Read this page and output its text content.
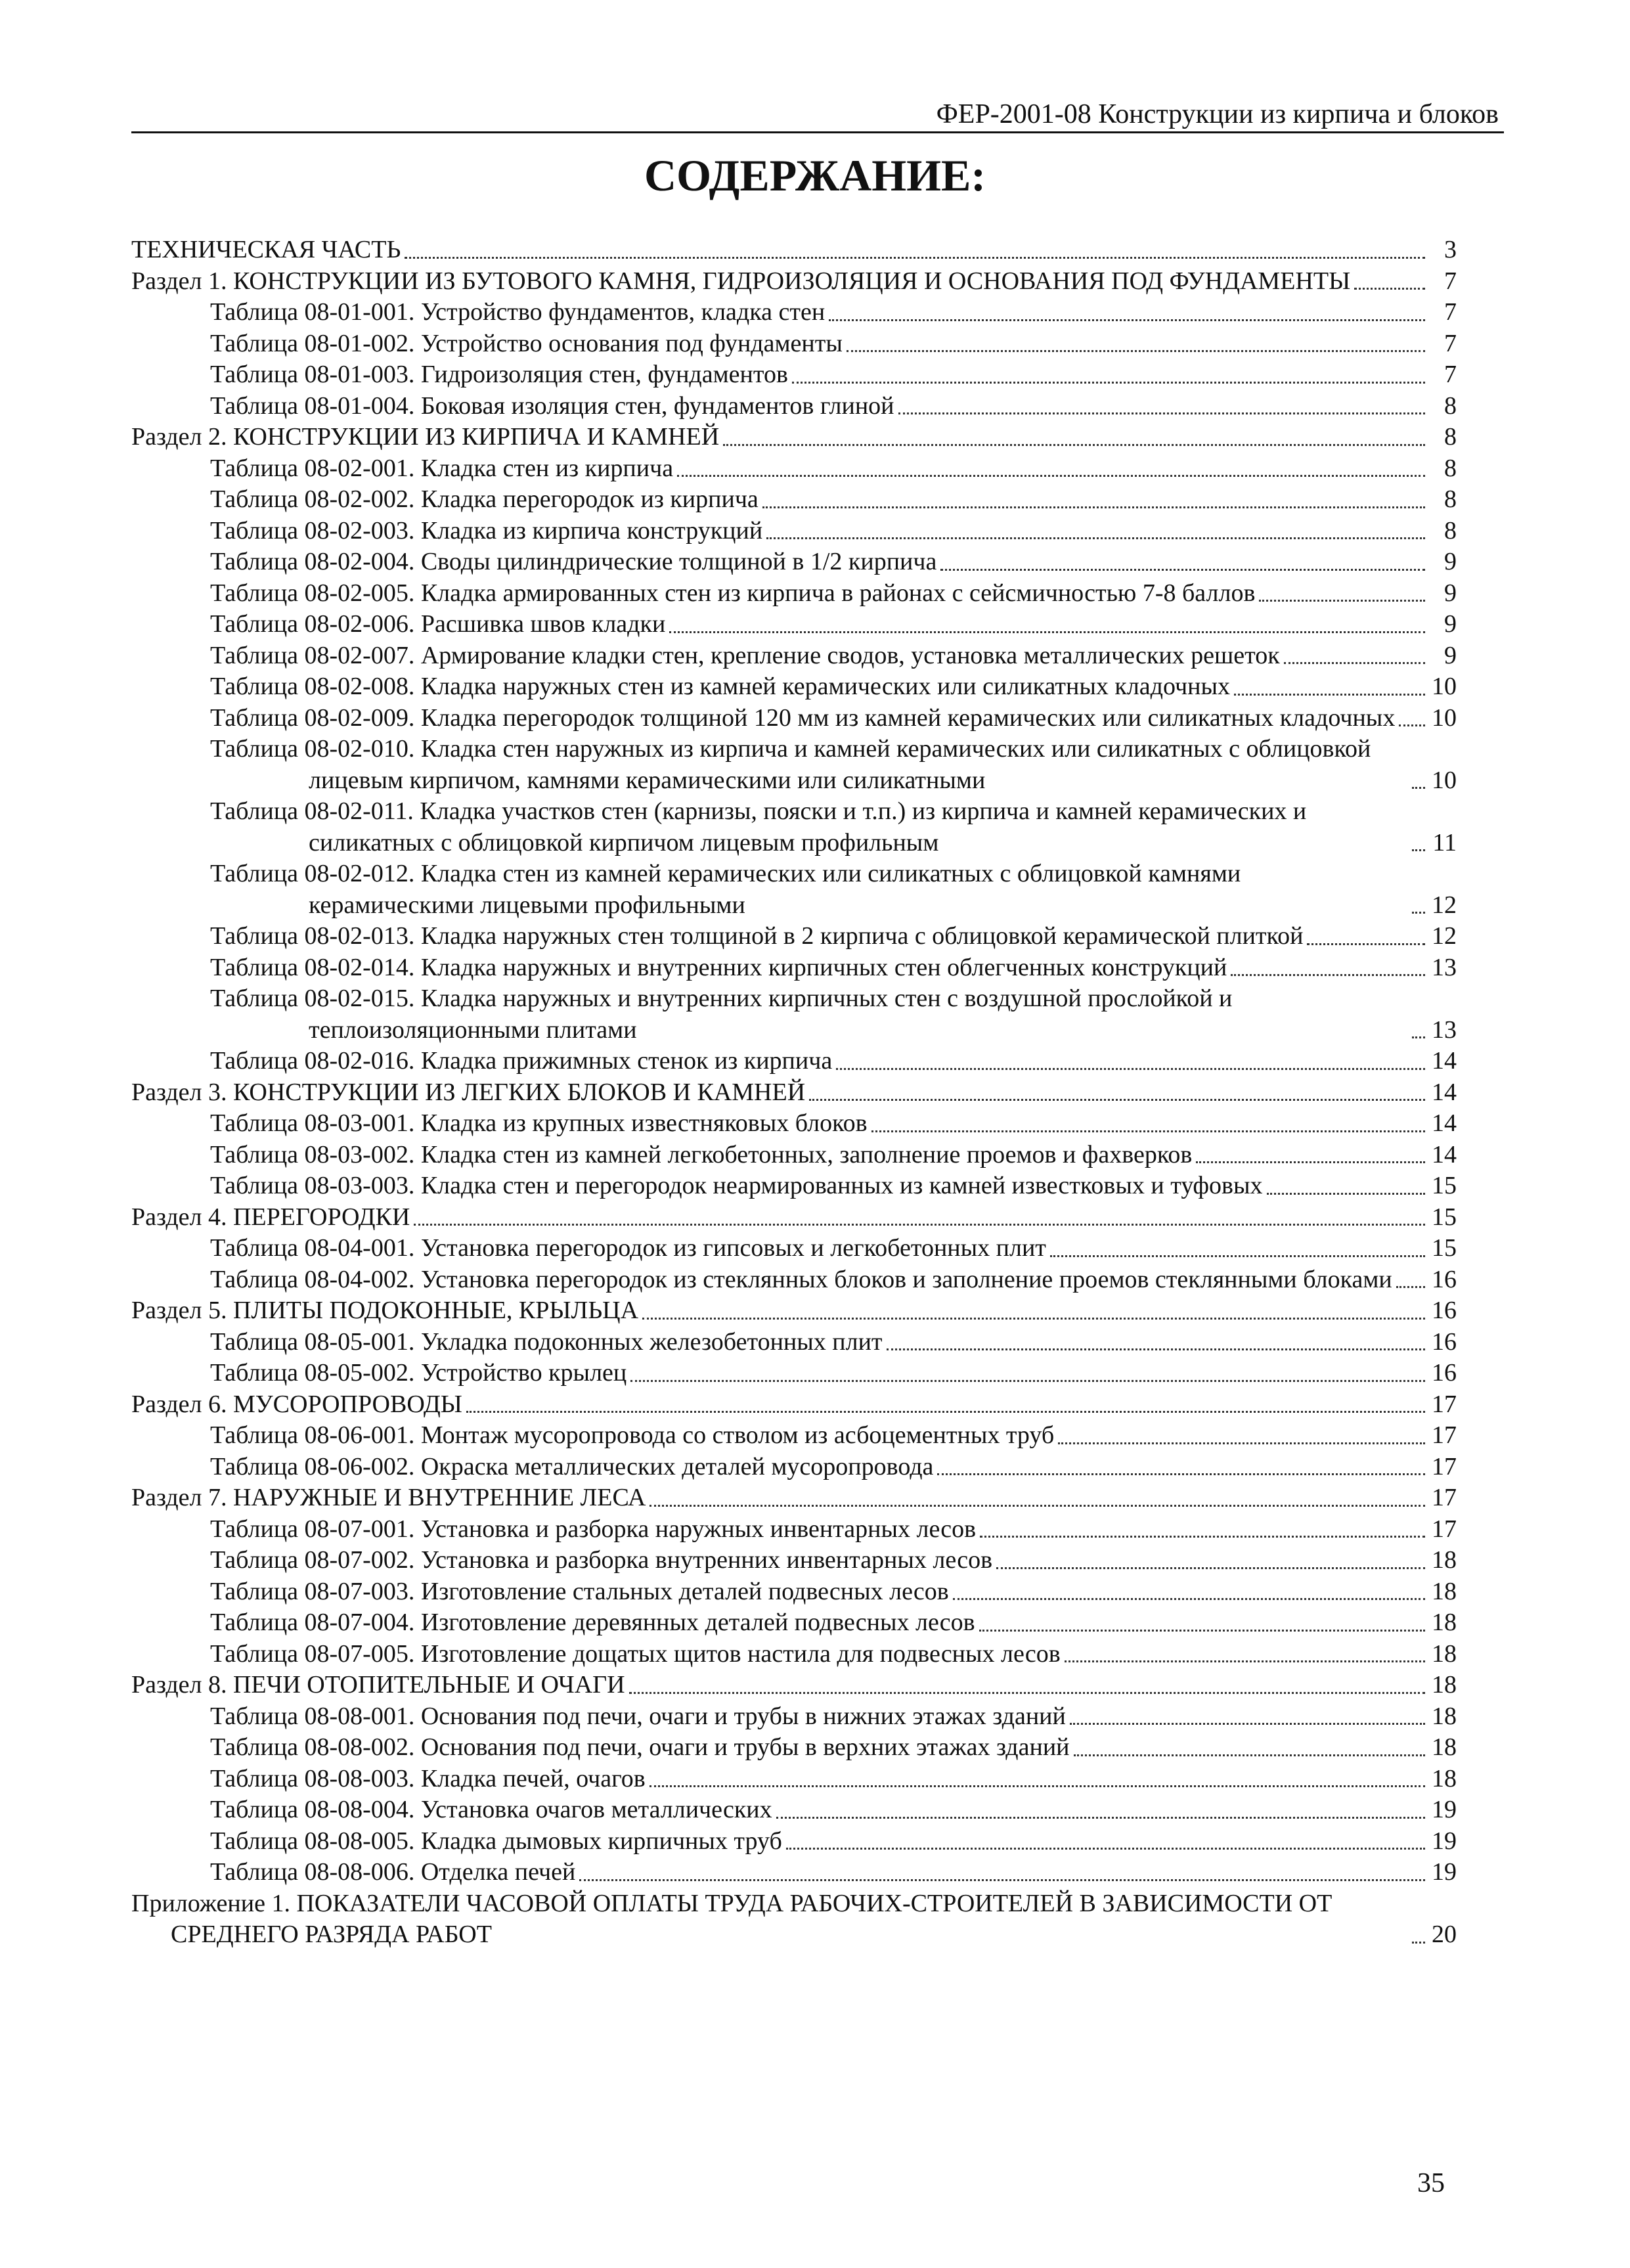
ФЕР-2001-08 Конструкции из кирпича и блоков
СОДЕРЖАНИЕ:
ТЕХНИЧЕСКАЯ ЧАСТЬ	3
Раздел 1. КОНСТРУКЦИИ ИЗ БУТОВОГО КАМНЯ, ГИДРОИЗОЛЯЦИЯ И ОСНОВАНИЯ ПОД ФУНДАМЕНТЫ	7
Таблица 08-01-001. Устройство фундаментов, кладка стен	7
Таблица 08-01-002. Устройство основания под фундаменты	7
Таблица 08-01-003. Гидроизоляция стен, фундаментов	7
Таблица 08-01-004. Боковая изоляция стен, фундаментов глиной	8
Раздел 2. КОНСТРУКЦИИ ИЗ КИРПИЧА И КАМНЕЙ	8
Таблица 08-02-001. Кладка стен из кирпича	8
Таблица 08-02-002. Кладка перегородок из кирпича	8
Таблица 08-02-003. Кладка из кирпича конструкций	8
Таблица 08-02-004. Своды цилиндрические толщиной в 1/2 кирпича	9
Таблица 08-02-005. Кладка армированных стен из кирпича в районах с сейсмичностью 7-8 баллов	9
Таблица 08-02-006. Расшивка швов кладки	9
Таблица 08-02-007. Армирование кладки стен, крепление сводов, установка металлических решеток	9
Таблица 08-02-008. Кладка наружных стен из камней керамических или силикатных кладочных	10
Таблица 08-02-009. Кладка перегородок толщиной 120 мм из камней керамических или силикатных кладочных 10
Таблица 08-02-010. Кладка стен наружных из кирпича и камней керамических или силикатных с облицовкой лицевым кирпичом, камнями керамическими или силикатными	10
Таблица 08-02-011. Кладка участков стен (карнизы, пояски и т.п.) из кирпича и камней керамических и силикатных с облицовкой кирпичом лицевым профильным	11
Таблица 08-02-012. Кладка стен из камней керамических или силикатных с облицовкой камнями керамическими лицевыми профильными	12
Таблица 08-02-013. Кладка наружных стен толщиной в 2 кирпича с облицовкой керамической плиткой	12
Таблица 08-02-014. Кладка наружных и внутренних кирпичных стен облегченных конструкций	13
Таблица 08-02-015. Кладка наружных и внутренних кирпичных стен с воздушной прослойкой и теплоизоляционными плитами	13
Таблица 08-02-016. Кладка прижимных стенок из кирпича	14
Раздел 3. КОНСТРУКЦИИ ИЗ ЛЕГКИХ БЛОКОВ И КАМНЕЙ	14
Таблица 08-03-001. Кладка из крупных известняковых блоков	14
Таблица 08-03-002. Кладка стен из камней легкобетонных, заполнение проемов и фахверков	14
Таблица 08-03-003. Кладка стен и перегородок неармированных из камней известковых и туфовых	15
Раздел 4. ПЕРЕГОРОДКИ	15
Таблица 08-04-001. Установка перегородок из гипсовых и легкобетонных плит	15
Таблица 08-04-002. Установка перегородок из стеклянных блоков и заполнение проемов стеклянными блоками 16
Раздел 5. ПЛИТЫ ПОДОКОННЫЕ, КРЫЛЬЦА	16
Таблица 08-05-001. Укладка подоконных железобетонных плит	16
Таблица 08-05-002. Устройство крылец	16
Раздел 6. МУСОРОПРОВОДЫ	17
Таблица 08-06-001. Монтаж мусоропровода со стволом из асбоцементных труб	17
Таблица 08-06-002. Окраска металлических деталей мусоропровода	17
Раздел 7. НАРУЖНЫЕ И ВНУТРЕННИЕ ЛЕСА	17
Таблица 08-07-001. Установка и разборка наружных инвентарных лесов	17
Таблица 08-07-002. Установка и разборка внутренних инвентарных лесов	18
Таблица 08-07-003. Изготовление стальных деталей подвесных лесов	18
Таблица 08-07-004. Изготовление деревянных деталей подвесных лесов	18
Таблица 08-07-005. Изготовление дощатых щитов настила для подвесных лесов	18
Раздел 8. ПЕЧИ ОТОПИТЕЛЬНЫЕ И ОЧАГИ	18
Таблица 08-08-001. Основания под печи, очаги и трубы в нижних этажах зданий	18
Таблица 08-08-002. Основания под печи, очаги и трубы в верхних этажах зданий	18
Таблица 08-08-003. Кладка печей, очагов	18
Таблица 08-08-004. Установка очагов металлических	19
Таблица 08-08-005. Кладка дымовых кирпичных труб	19
Таблица 08-08-006. Отделка печей	19
Приложение 1. ПОКАЗАТЕЛИ ЧАСОВОЙ ОПЛАТЫ ТРУДА РАБОЧИХ-СТРОИТЕЛЕЙ В ЗАВИСИМОСТИ ОТ СРЕДНЕГО РАЗРЯДА РАБОТ	20
35
